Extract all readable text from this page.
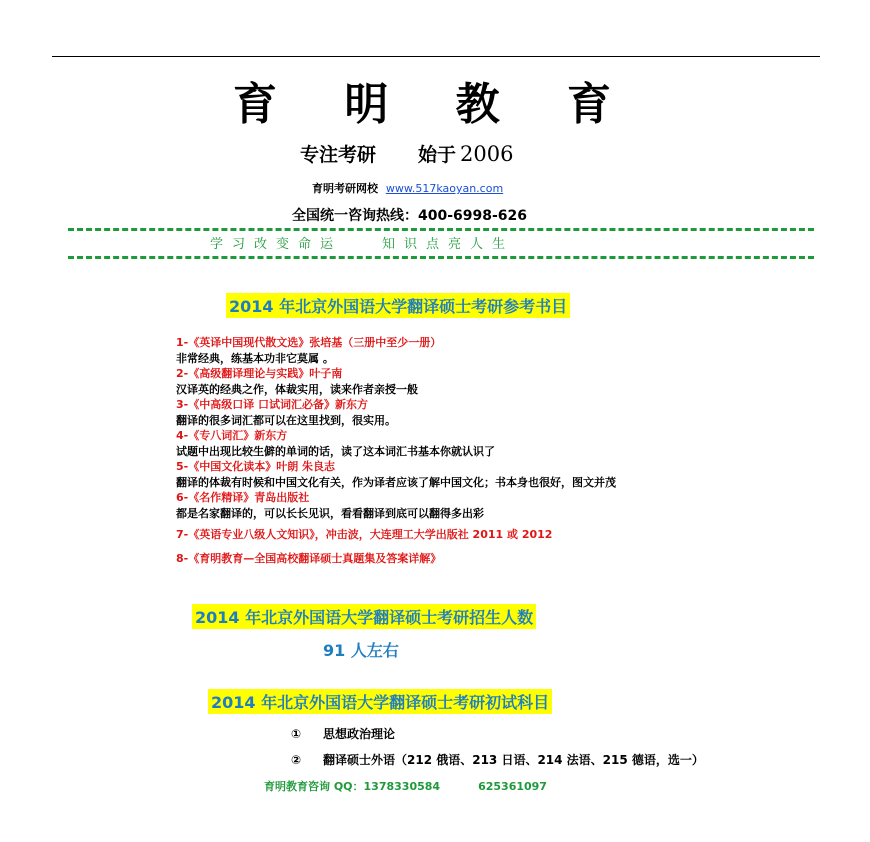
育 明 教 育
专注考研 始于 2006
育明考研网校 www.517kaoyan.com
全国统一咨询热线：400-6998-626
学习改变命运	知识点亮人生
2014 年北京外国语大学翻译硕士考研参考书目
1-《英译中国现代散文选》张培基（三册中至少一册）
非常经典，练基本功非它莫属 。
2-《高级翻译理论与实践》叶子南
汉译英的经典之作，体裁实用，读来作者亲授一般
3-《中高级口译 口试词汇必备》新东方
翻译的很多词汇都可以在这里找到，很实用。
4-《专八词汇》新东方
试题中出现比较生僻的单词的话，读了这本词汇书基本你就认识了
5-《中国文化读本》叶朗 朱良志
翻译的体裁有时候和中国文化有关，作为译者应该了解中国文化；书本身也很好，图文并茂
6-《名作精译》青岛出版社
都是名家翻译的，可以长长见识，看看翻译到底可以翻得多出彩
7-《英语专业八级人文知识》，冲击波，大连理工大学出版社 2011 或 2012
8-《育明教育—全国高校翻译硕士真题集及答案详解》
2014 年北京外国语大学翻译硕士考研招生人数
91 人左右
2014 年北京外国语大学翻译硕士考研初试科目
① 思想政治理论
② 翻译硕士外语（212 俄语、213 日语、214 法语、215 德语，选一）
育明教育咨询 QQ：1378330584	625361097
